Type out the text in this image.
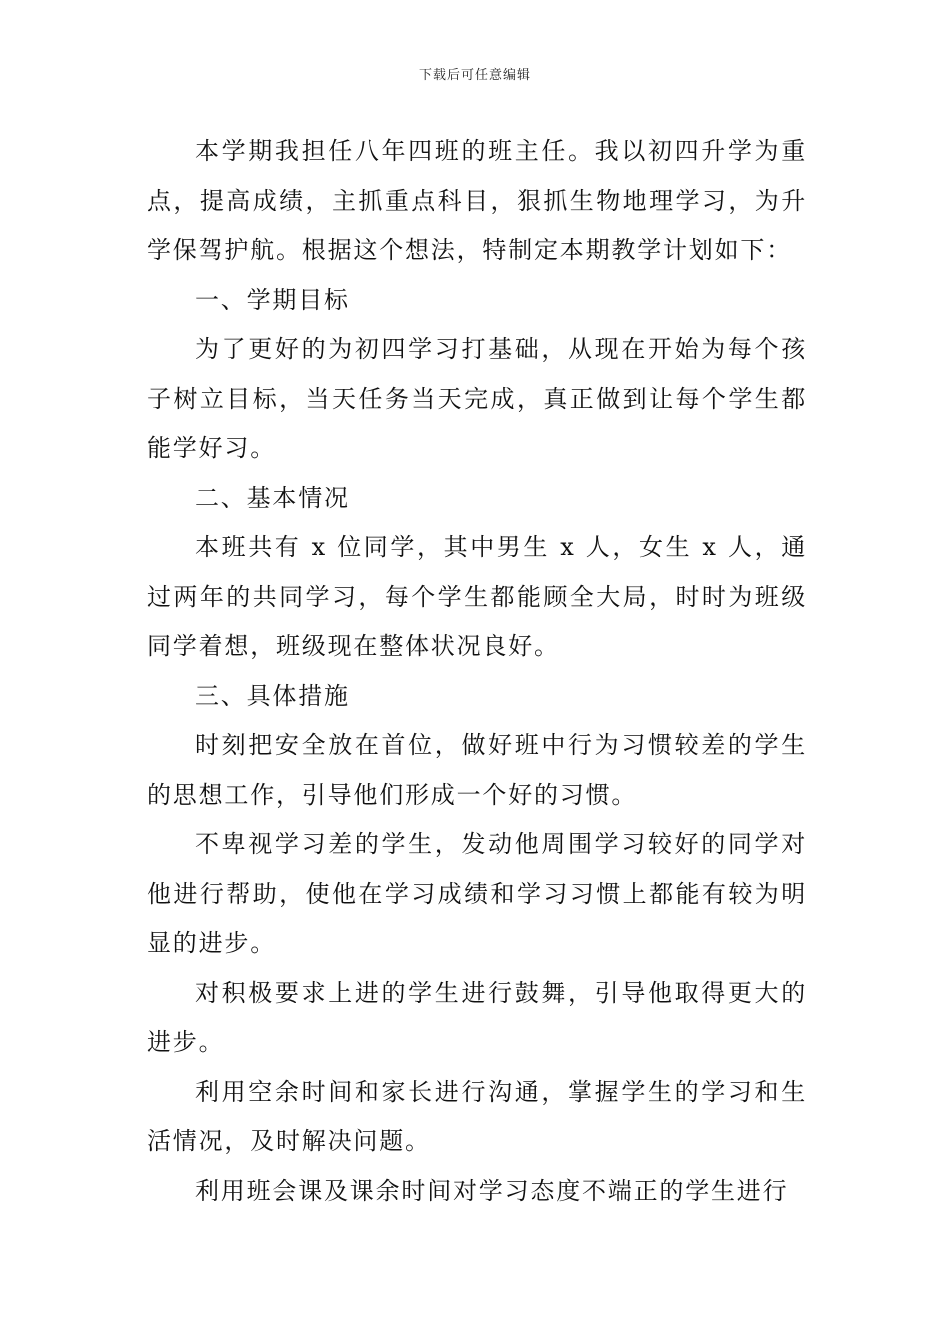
下载后可任意编辑

本学期我担任八年四班的班主任。我以初四升学为重点，提高成绩，主抓重点科目，狠抓生物地理学习，为升学保驾护航。根据这个想法，特制定本期教学计划如下：

一、学期目标

为了更好的为初四学习打基础，从现在开始为每个孩子树立目标，当天任务当天完成，真正做到让每个学生都能学好习。

二、基本情况

本班共有 x 位同学，其中男生 x 人，女生 x 人，通过两年的共同学习，每个学生都能顾全大局，时时为班级同学着想，班级现在整体状况良好。

三、具体措施

时刻把安全放在首位，做好班中行为习惯较差的学生的思想工作，引导他们形成一个好的习惯。

不卑视学习差的学生，发动他周围学习较好的同学对他进行帮助，使他在学习成绩和学习习惯上都能有较为明显的进步。

对积极要求上进的学生进行鼓舞，引导他取得更大的进步。

利用空余时间和家长进行沟通，掌握学生的学习和生活情况，及时解决问题。

利用班会课及课余时间对学习态度不端正的学生进行
